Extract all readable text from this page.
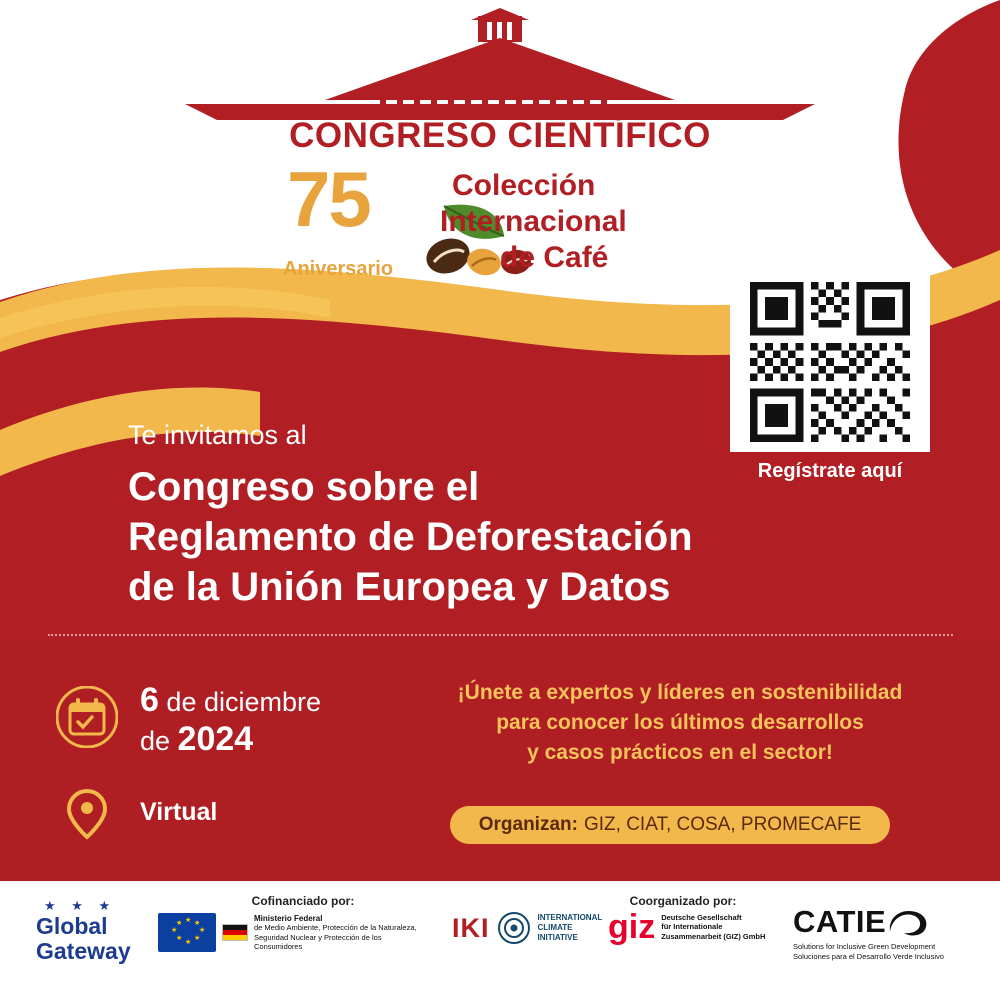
CONGRESO CIENTÍFICO
75
Aniversario
Colección
Internacional
de Café
Regístrate aquí
Te invitamos al
Congreso sobre el
Reglamento de Deforestación
de la Unión Europea y Datos
6 de diciembre
de 2024
Virtual
¡Únete a expertos y líderes en sostenibilidad
para conocer los últimos desarrollos
y casos prácticos en el sector!
Organizan: GIZ, CIAT, COSA, PROMECAFE
★ ★ ★
Global
Gateway
Cofinanciado por:
★ ★
★
★
★
★
★
★
Ministerio Federal
de Medio Ambiente, Protección de la Naturaleza,
Seguridad Nuclear y Protección de los Consumidores
IKI	INTERNATIONAL
CLIMATE
INITIATIVE
Coorganizado por:
giz Deutsche Gesellschaft
für Internationale
Zusammenarbeit (GIZ) GmbH CATIE
Solutions for Inclusive Green Development
Soluciones para el Desarrollo Verde Inclusivo
